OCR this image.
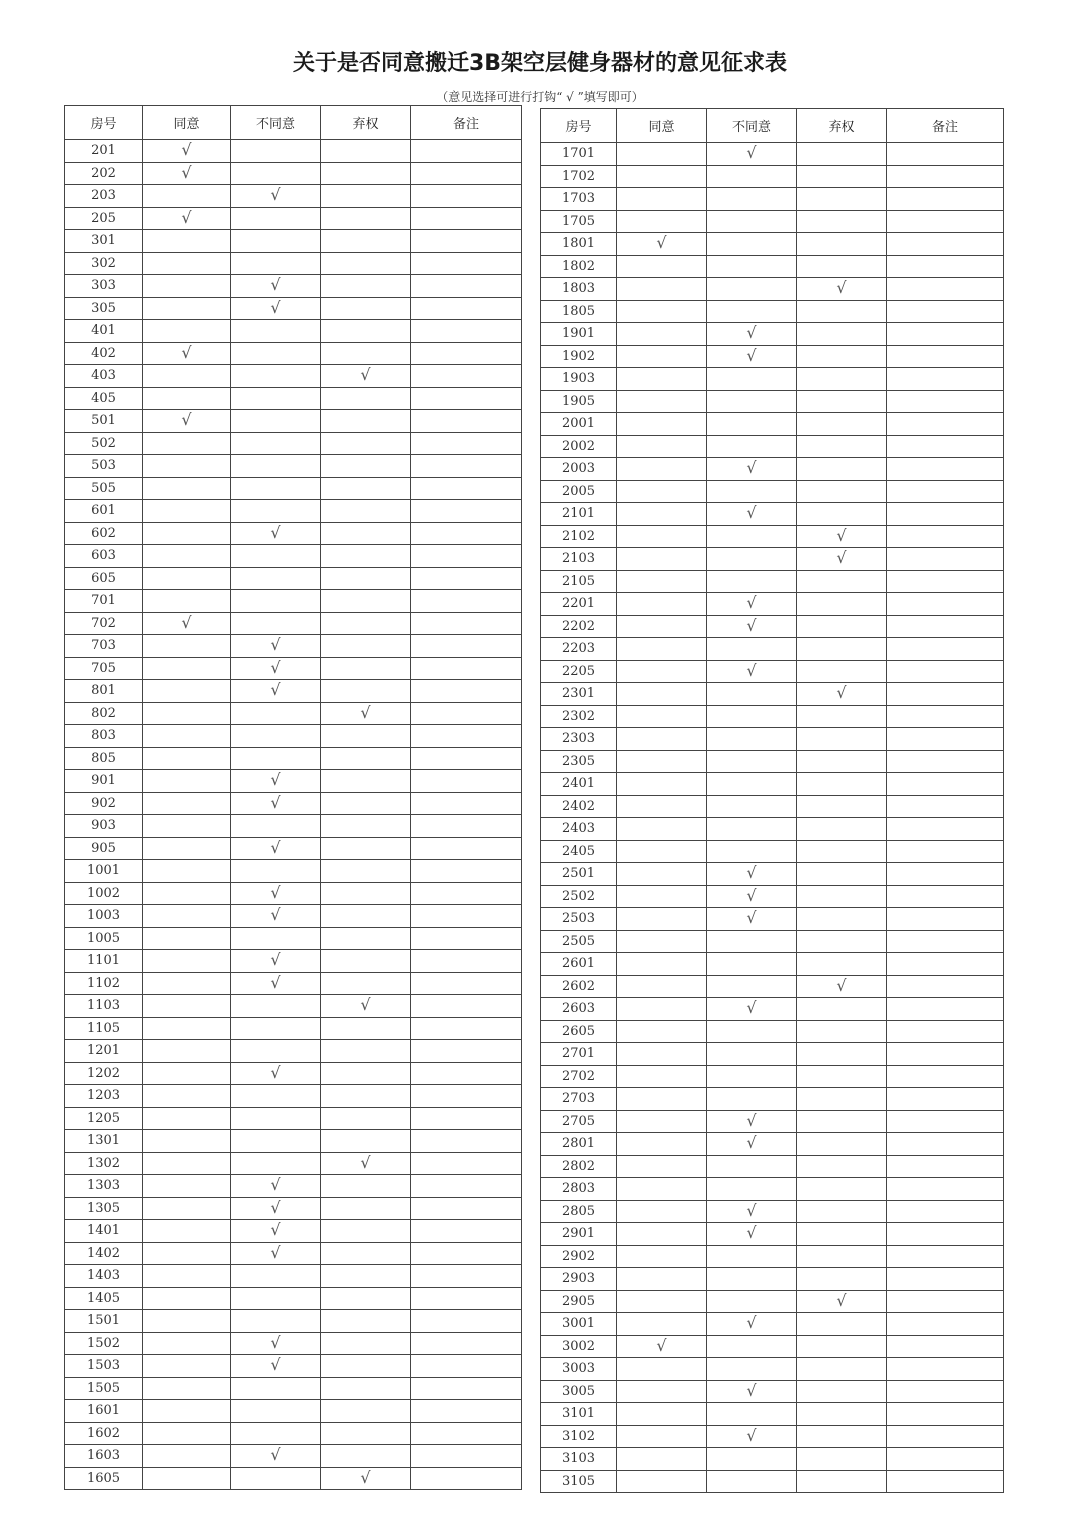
关于是否同意搬迁3B架空层健身器材的意见征求表
（意见选择可进行打钩“ √ ”填写即可）
房号	同意	不同意	弃权	备注
201	√			
202	√			
203		√		
205	√			
301				
302				
303		√		
305		√		
401				
402	√			
403			√	
405				
501	√			
502				
503				
505				
601				
602		√		
603				
605				
701				
702	√			
703		√		
705		√		
801		√		
802			√	
803				
805				
901		√		
902		√		
903				
905		√		
1001				
1002		√		
1003		√		
1005				
1101		√		
1102		√		
1103			√	
1105				
1201				
1202		√		
1203				
1205				
1301				
1302			√	
1303		√		
1305		√		
1401		√		
1402		√		
1403				
1405				
1501				
1502		√		
1503		√		
1505				
1601				
1602				
1603		√		
1605			√	
房号	同意	不同意	弃权	备注
1701		√		
1702				
1703				
1705				
1801	√			
1802				
1803			√	
1805				
1901		√		
1902		√		
1903				
1905				
2001				
2002				
2003		√		
2005				
2101		√		
2102			√	
2103			√	
2105				
2201		√		
2202		√		
2203				
2205		√		
2301			√	
2302				
2303				
2305				
2401				
2402				
2403				
2405				
2501		√		
2502		√		
2503		√		
2505				
2601				
2602			√	
2603		√		
2605				
2701				
2702				
2703				
2705		√		
2801		√		
2802				
2803				
2805		√		
2901		√		
2902				
2903				
2905			√	
3001		√		
3002	√			
3003				
3005		√		
3101				
3102		√		
3103				
3105				
